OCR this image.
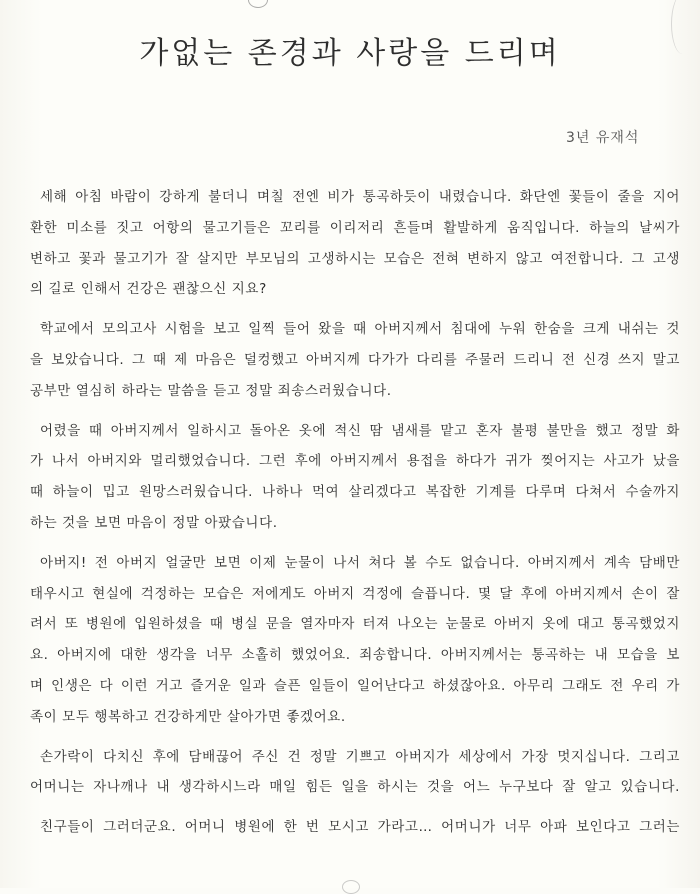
가없는 존경과 사랑을 드리며
3년 유재석
세해 아침 바람이 강하게 불더니 며칠 전엔 비가 통곡하듯이 내렸습니다. 화단엔 꽃들이 줄을 지어
환한 미소를 짓고 어항의 물고기들은 꼬리를 이리저리 흔들며 활발하게 움직입니다. 하늘의 날씨가
변하고 꽃과 물고기가 잘 살지만 부모님의 고생하시는 모습은 전혀 변하지 않고 여전합니다. 그 고생
의 길로 인해서 건강은 괜찮으신 지요?
학교에서 모의고사 시험을 보고 일찍 들어 왔을 때 아버지께서 침대에 누워 한숨을 크게 내쉬는 것
을 보았습니다. 그 때 제 마음은 덜컹했고 아버지께 다가가 다리를 주물러 드리니 전 신경 쓰지 말고
공부만 열심히 하라는 말씀을 듣고 정말 죄송스러웠습니다.
어렸을 때 아버지께서 일하시고 돌아온 옷에 적신 땀 냄새를 맡고 혼자 불평 불만을 했고 정말 화
가 나서 아버지와 멀리했었습니다. 그런 후에 아버지께서 용접을 하다가 귀가 찢어지는 사고가 났을
때 하늘이 밉고 원망스러웠습니다. 나하나 먹여 살리겠다고 복잡한 기계를 다루며 다쳐서 수술까지
하는 것을 보면 마음이 정말 아팠습니다.
아버지! 전 아버지 얼굴만 보면 이제 눈물이 나서 쳐다 볼 수도 없습니다. 아버지께서 계속 담배만
태우시고 현실에 걱정하는 모습은 저에게도 아버지 걱정에 슬픕니다. 몇 달 후에 아버지께서 손이 잘
려서 또 병원에 입원하셨을 때 병실 문을 열자마자 터져 나오는 눈물로 아버지 옷에 대고 통곡했었지
요. 아버지에 대한 생각을 너무 소홀히 했었어요. 죄송합니다. 아버지께서는 통곡하는 내 모습을 보
며 인생은 다 이런 거고 즐거운 일과 슬픈 일들이 일어난다고 하셨잖아요. 아무리 그래도 전 우리 가
족이 모두 행복하고 건강하게만 살아가면 좋겠어요.
손가락이 다치신 후에 담배끊어 주신 건 정말 기쁘고 아버지가 세상에서 가장 멋지십니다. 그리고
어머니는 자나깨나 내 생각하시느라 매일 힘든 일을 하시는 것을 어느 누구보다 잘 알고 있습니다.
친구들이 그러더군요. 어머니 병원에 한 번 모시고 가라고… 어머니가 너무 아파 보인다고 그러는
